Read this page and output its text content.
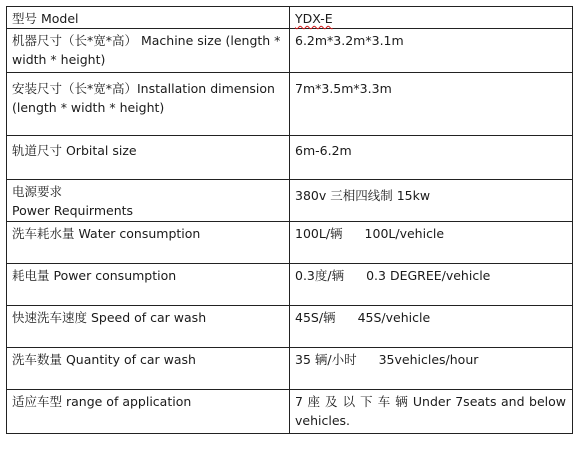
型号 Model	YDX-E
机器尺寸（长*宽*高） Machine size (length * width * height)	6.2m*3.2m*3.1m
安装尺寸（长*宽*高）Installation dimension (length * width * height)	7m*3.5m*3.3m
轨道尺寸 Orbital size	6m-6.2m

电源要求
Power Requirments	380v 三相四线制 15kw
洗车耗水量 Water consumption	100L/辆 100L/vehicle
耗电量 Power consumption	0.3度/辆 0.3 DEGREE/vehicle
快速洗车速度 Speed of car wash	45S/辆 45S/vehicle
洗车数量 Quantity of car wash	35 辆/小时 35vehicles/hour
适应车型 range of application	7 座 及 以 下 车 辆 Under 7seats and below vehicles.
